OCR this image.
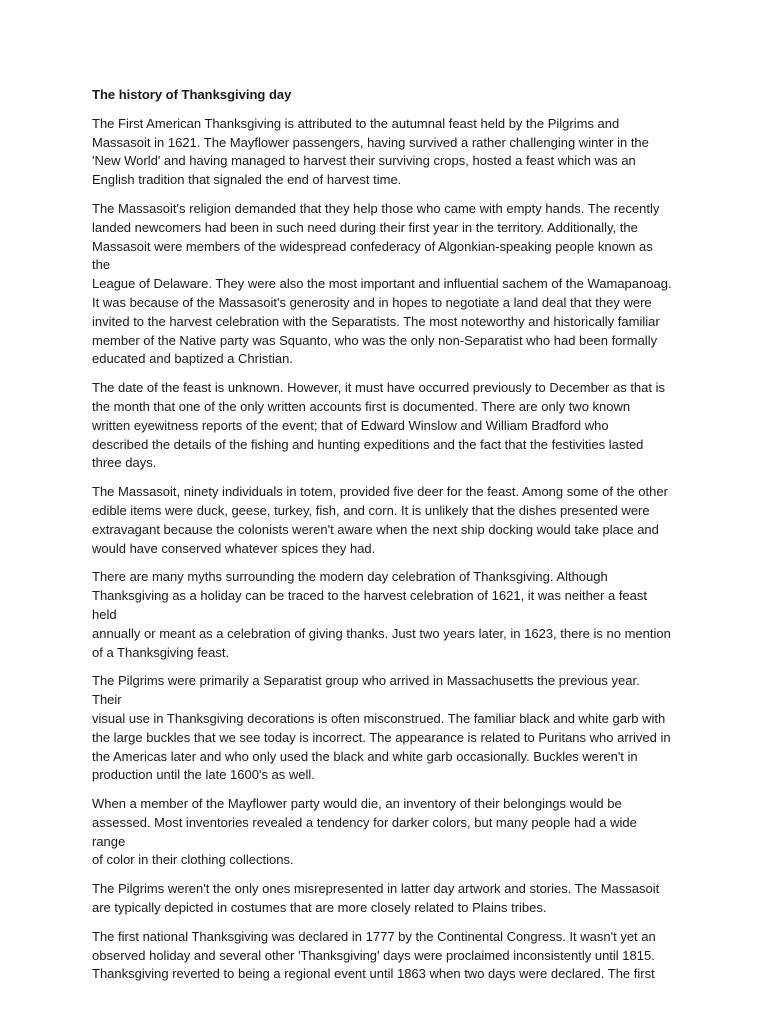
The history of Thanksgiving day

The First American Thanksgiving is attributed to the autumnal feast held by the Pilgrims and
Massasoit in 1621. The Mayflower passengers, having survived a rather challenging winter in the
'New World' and having managed to harvest their surviving crops, hosted a feast which was an
English tradition that signaled the end of harvest time.

The Massasoit's religion demanded that they help those who came with empty hands. The recently
landed newcomers had been in such need during their first year in the territory. Additionally, the
Massasoit were members of the widespread confederacy of Algonkian-speaking people known as the
League of Delaware. They were also the most important and influential sachem of the Wamapanoag.
It was because of the Massasoit's generosity and in hopes to negotiate a land deal that they were
invited to the harvest celebration with the Separatists. The most noteworthy and historically familiar
member of the Native party was Squanto, who was the only non-Separatist who had been formally
educated and baptized a Christian.

The date of the feast is unknown. However, it must have occurred previously to December as that is
the month that one of the only written accounts first is documented. There are only two known
written eyewitness reports of the event; that of Edward Winslow and William Bradford who
described the details of the fishing and hunting expeditions and the fact that the festivities lasted
three days.

The Massasoit, ninety individuals in totem, provided five deer for the feast. Among some of the other
edible items were duck, geese, turkey, fish, and corn. It is unlikely that the dishes presented were
extravagant because the colonists weren't aware when the next ship docking would take place and
would have conserved whatever spices they had.

There are many myths surrounding the modern day celebration of Thanksgiving. Although
Thanksgiving as a holiday can be traced to the harvest celebration of 1621, it was neither a feast held
annually or meant as a celebration of giving thanks. Just two years later, in 1623, there is no mention
of a Thanksgiving feast.

The Pilgrims were primarily a Separatist group who arrived in Massachusetts the previous year. Their
visual use in Thanksgiving decorations is often misconstrued. The familiar black and white garb with
the large buckles that we see today is incorrect. The appearance is related to Puritans who arrived in
the Americas later and who only used the black and white garb occasionally. Buckles weren't in
production until the late 1600's as well.

When a member of the Mayflower party would die, an inventory of their belongings would be
assessed. Most inventories revealed a tendency for darker colors, but many people had a wide range
of color in their clothing collections.

The Pilgrims weren't the only ones misrepresented in latter day artwork and stories. The Massasoit
are typically depicted in costumes that are more closely related to Plains tribes.

The first national Thanksgiving was declared in 1777 by the Continental Congress. It wasn't yet an
observed holiday and several other 'Thanksgiving' days were proclaimed inconsistently until 1815.
Thanksgiving reverted to being a regional event until 1863 when two days were declared. The first
